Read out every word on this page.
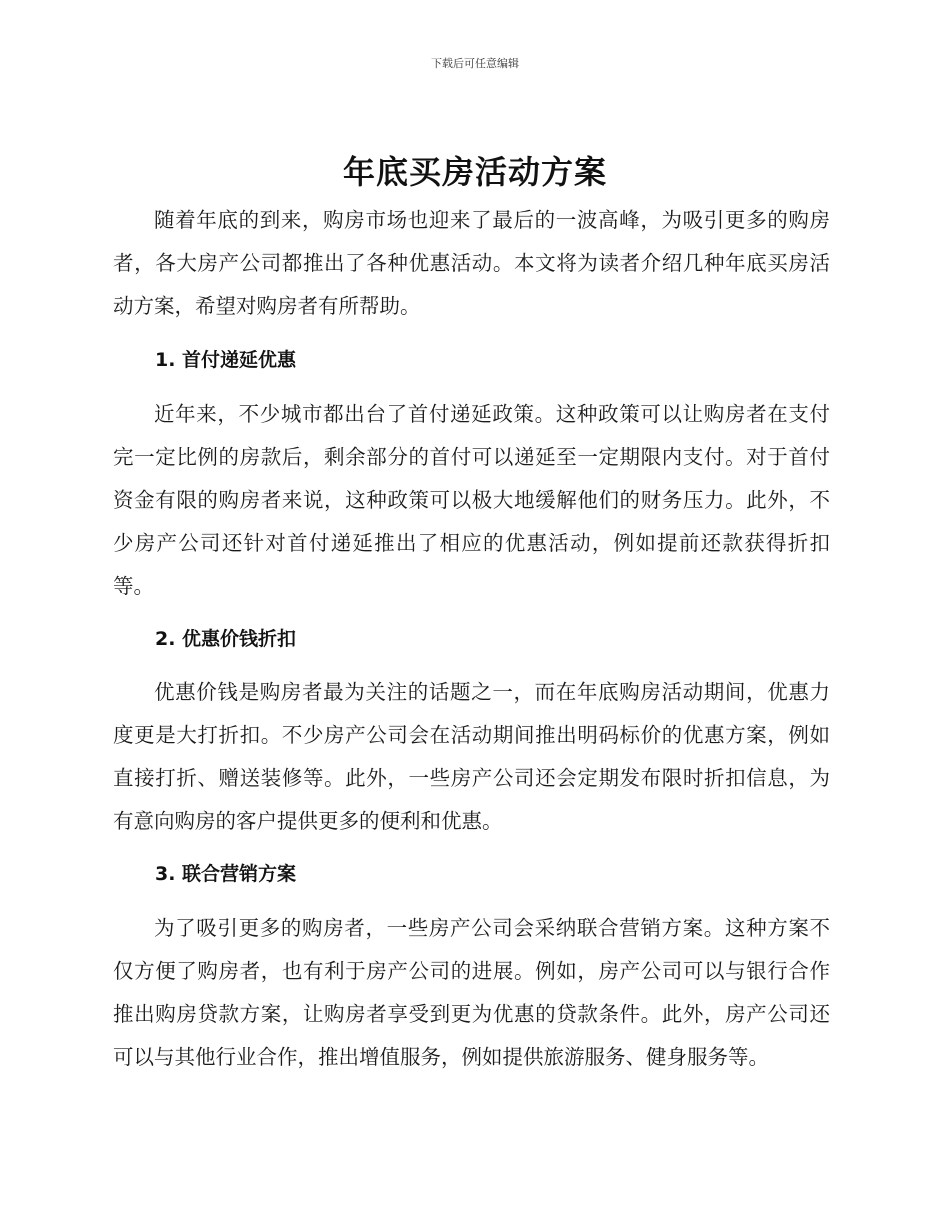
下载后可任意编辑
年底买房活动方案

随着年底的到来，购房市场也迎来了最后的一波高峰，为吸引更多的购房者，各大房产公司都推出了各种优惠活动。本文将为读者介绍几种年底买房活动方案，希望对购房者有所帮助。

1. 首付递延优惠

近年来，不少城市都出台了首付递延政策。这种政策可以让购房者在支付完一定比例的房款后，剩余部分的首付可以递延至一定期限内支付。对于首付资金有限的购房者来说，这种政策可以极大地缓解他们的财务压力。此外，不少房产公司还针对首付递延推出了相应的优惠活动，例如提前还款获得折扣等。

2. 优惠价钱折扣

优惠价钱是购房者最为关注的话题之一，而在年底购房活动期间，优惠力度更是大打折扣。不少房产公司会在活动期间推出明码标价的优惠方案，例如直接打折、赠送装修等。此外，一些房产公司还会定期发布限时折扣信息，为有意向购房的客户提供更多的便利和优惠。

3. 联合营销方案

为了吸引更多的购房者，一些房产公司会采纳联合营销方案。这种方案不仅方便了购房者，也有利于房产公司的进展。例如，房产公司可以与银行合作推出购房贷款方案，让购房者享受到更为优惠的贷款条件。此外，房产公司还可以与其他行业合作，推出增值服务，例如提供旅游服务、健身服务等。
